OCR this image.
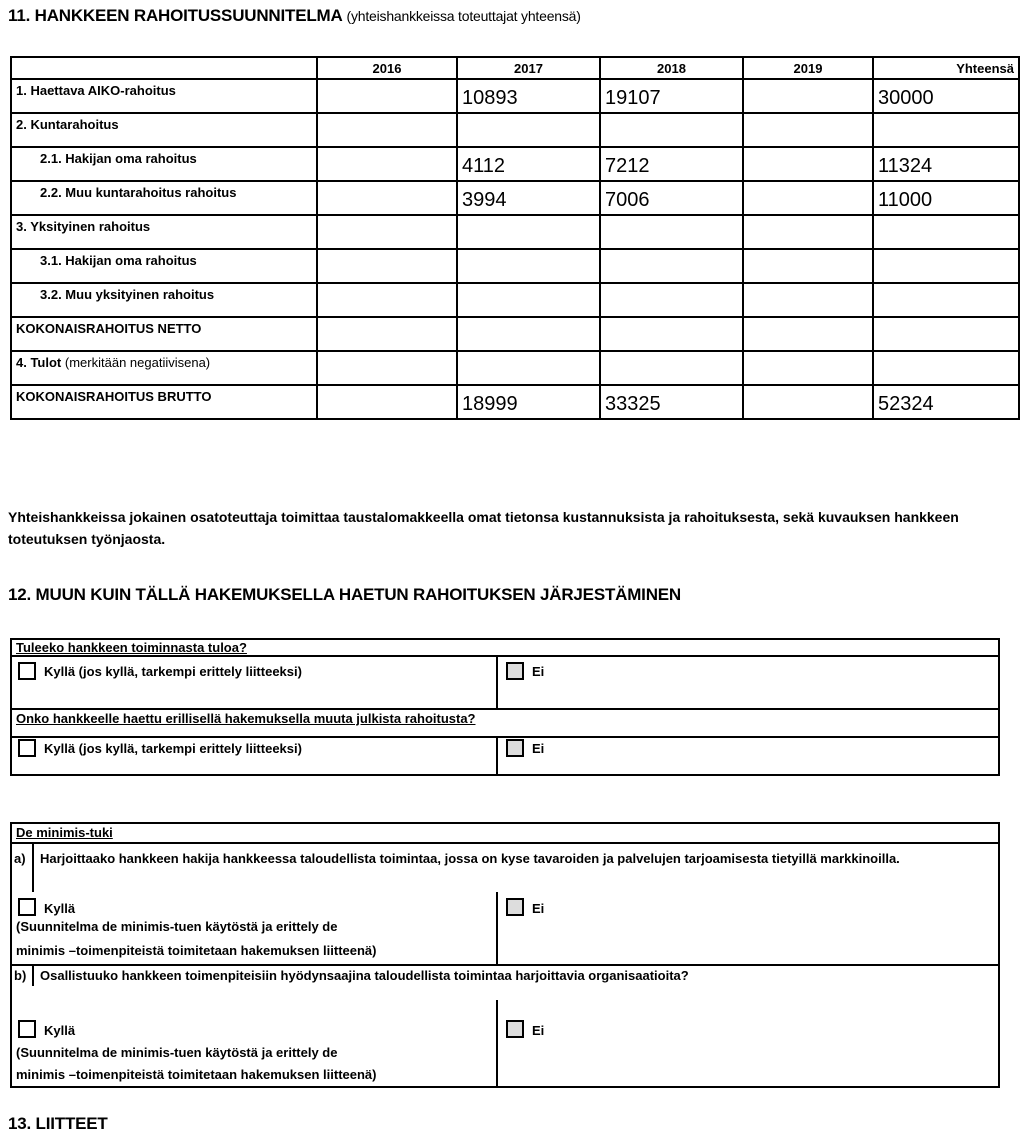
11. HANKKEEN RAHOITUSSUUNNITELMA (yhteishankkeissa toteuttajat yhteensä)
	2016	2017	2018	2019	Yhteensä
1. Haettava AIKO-rahoitus		10893	19107		30000
2. Kuntarahoitus					
2.1. Hakijan oma rahoitus		4112	7212		11324
2.2. Muu kuntarahoitus rahoitus		3994	7006		11000
3. Yksityinen rahoitus					
3.1. Hakijan oma rahoitus					
3.2. Muu yksityinen rahoitus					
KOKONAISRAHOITUS NETTO					
4. Tulot (merkitään negatiivisena)					
KOKONAISRAHOITUS BRUTTO		18999	33325		52324
Yhteishankkeissa jokainen osatoteuttaja toimittaa taustalomakkeella omat tietonsa kustannuksista ja rahoituksesta, sekä kuvauksen hankkeen toteutuksen työnjaosta.
12. MUUN KUIN TÄLLÄ HAKEMUKSELLA HAETUN RAHOITUKSEN JÄRJESTÄMINEN
Tuleeko hankkeen toiminnasta tuloa?
Kyllä (jos kyllä, tarkempi erittely liitteeksi)	Ei
Onko hankkeelle haettu erillisellä hakemuksella muuta julkista rahoitusta?
Kyllä (jos kyllä, tarkempi erittely liitteeksi)	Ei
De minimis-tuki
a) Harjoittaako hankkeen hakija hankkeessa taloudellista toimintaa, jossa on kyse tavaroiden ja palvelujen tarjoamisesta tietyillä markkinoilla.
Kyllä
(Suunnitelma de minimis-tuen käytöstä ja erittely de
minimis –toimenpiteistä toimitetaan hakemuksen liitteenä)
Ei
b) Osallistuuko hankkeen toimenpiteisiin hyödynsaajina taloudellista toimintaa harjoittavia organisaatioita?
Kyllä
(Suunnitelma de minimis-tuen käytöstä ja erittely de
minimis –toimenpiteistä toimitetaan hakemuksen liitteenä)
Ei
13. LIITTEET
